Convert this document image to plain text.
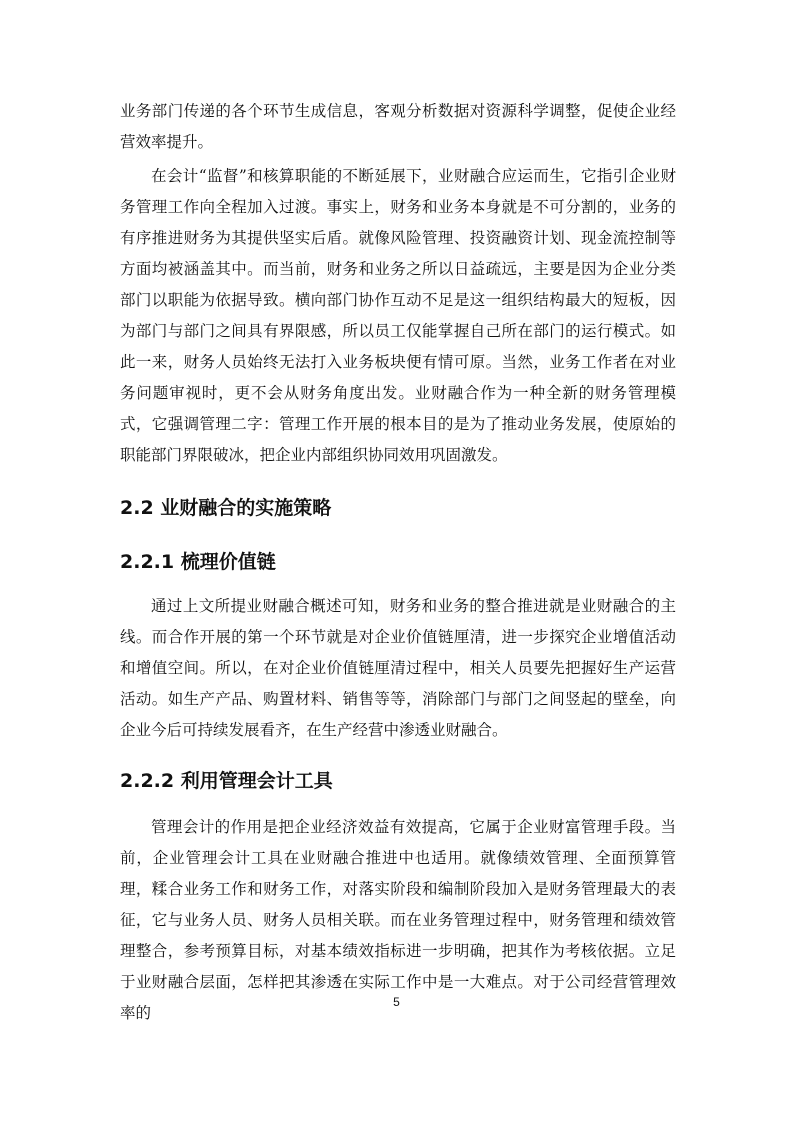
业务部门传递的各个环节生成信息，客观分析数据对资源科学调整，促使企业经营效率提升。

在会计“监督”和核算职能的不断延展下，业财融合应运而生，它指引企业财务管理工作向全程加入过渡。事实上，财务和业务本身就是不可分割的，业务的有序推进财务为其提供坚实后盾。就像风险管理、投资融资计划、现金流控制等方面均被涵盖其中。而当前，财务和业务之所以日益疏远，主要是因为企业分类部门以职能为依据导致。横向部门协作互动不足是这一组织结构最大的短板，因为部门与部门之间具有界限感，所以员工仅能掌握自己所在部门的运行模式。如此一来，财务人员始终无法打入业务板块便有情可原。当然，业务工作者在对业务问题审视时，更不会从财务角度出发。业财融合作为一种全新的财务管理模式，它强调管理二字：管理工作开展的根本目的是为了推动业务发展，使原始的职能部门界限破冰，把企业内部组织协同效用巩固激发。

2.2 业财融合的实施策略
2.2.1 梳理价值链

通过上文所提业财融合概述可知，财务和业务的整合推进就是业财融合的主线。而合作开展的第一个环节就是对企业价值链厘清，进一步探究企业增值活动和增值空间。所以，在对企业价值链厘清过程中，相关人员要先把握好生产运营活动。如生产产品、购置材料、销售等等，消除部门与部门之间竖起的壁垒，向企业今后可持续发展看齐，在生产经营中渗透业财融合。

2.2.2 利用管理会计工具

管理会计的作用是把企业经济效益有效提高，它属于企业财富管理手段。当前，企业管理会计工具在业财融合推进中也适用。就像绩效管理、全面预算管理，糅合业务工作和财务工作，对落实阶段和编制阶段加入是财务管理最大的表征，它与业务人员、财务人员相关联。而在业务管理过程中，财务管理和绩效管理整合，参考预算目标，对基本绩效指标进一步明确，把其作为考核依据。立足于业财融合层面，怎样把其渗透在实际工作中是一大难点。对于公司经营管理效率的

5
